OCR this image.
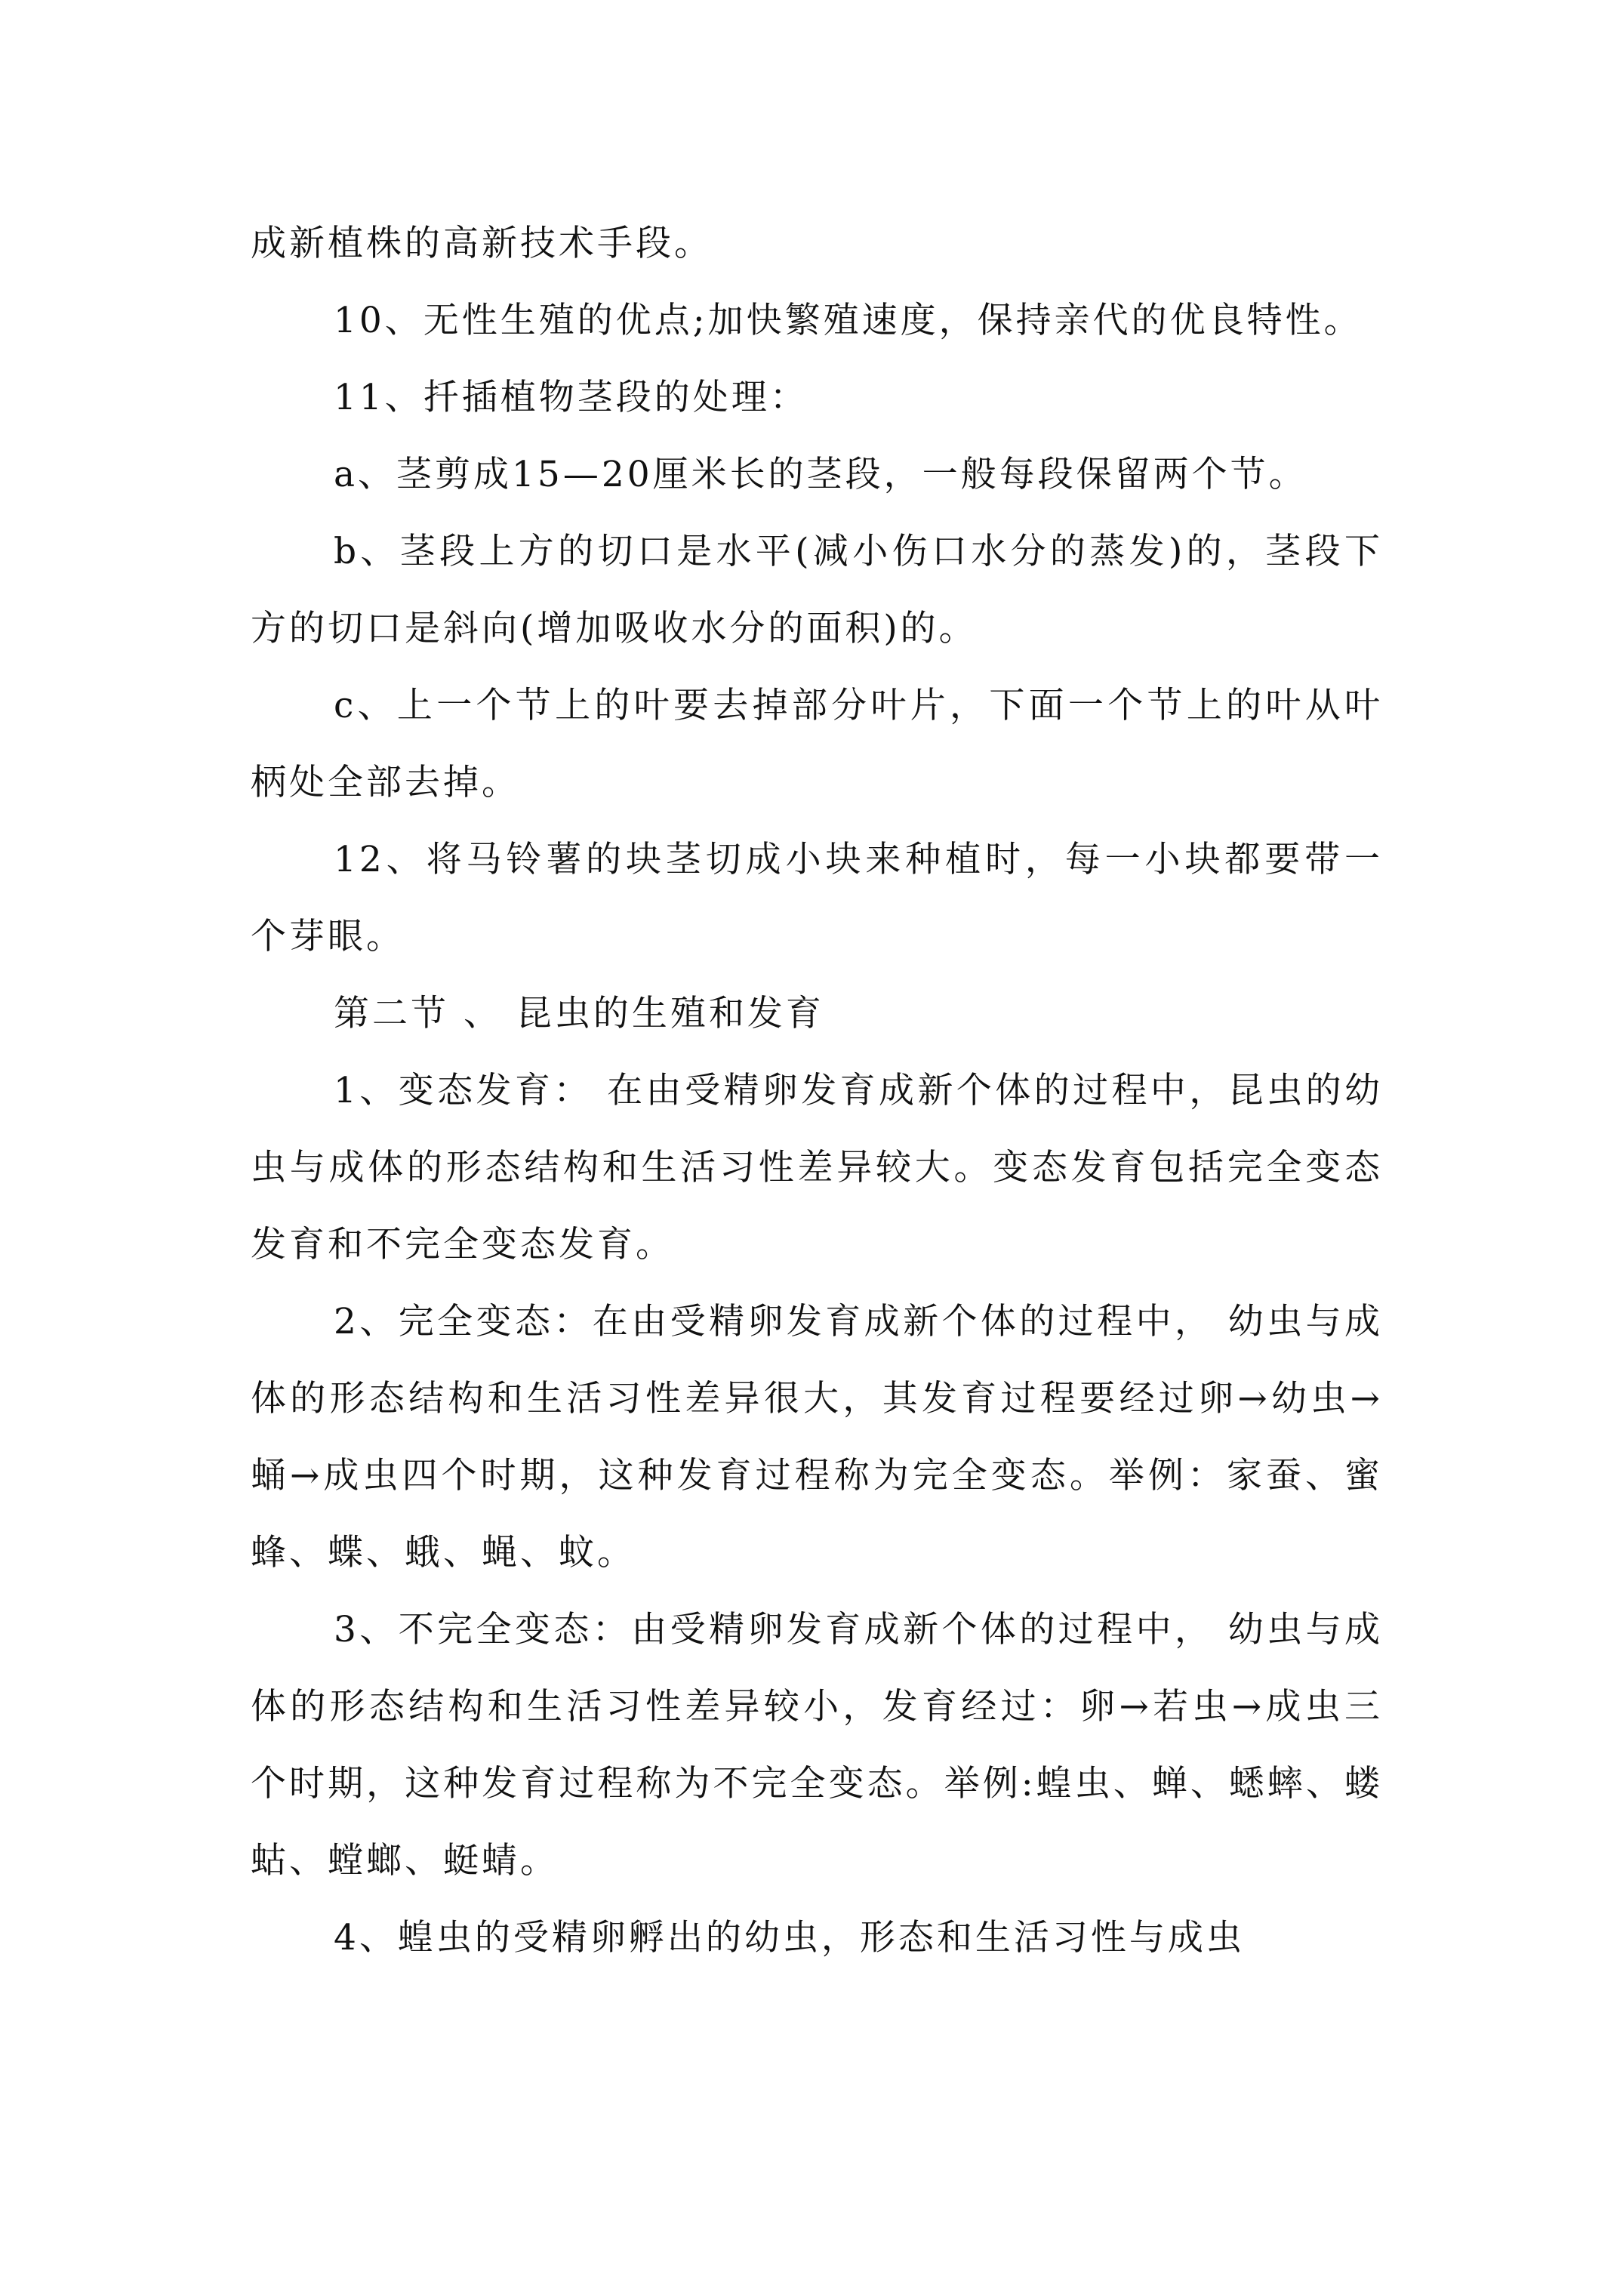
成新植株的高新技术手段。

10、无性生殖的优点;加快繁殖速度，保持亲代的优良特性。

11、扦插植物茎段的处理：

a、茎剪成15—20厘米长的茎段，一般每段保留两个节。

b、茎段上方的切口是水平(减小伤口水分的蒸发)的，茎段下方的切口是斜向(增加吸收水分的面积)的。

c、上一个节上的叶要去掉部分叶片，下面一个节上的叶从叶柄处全部去掉。

12、将马铃薯的块茎切成小块来种植时，每一小块都要带一个芽眼。

第二节 、 昆虫的生殖和发育

1、变态发育： 在由受精卵发育成新个体的过程中，昆虫的幼虫与成体的形态结构和生活习性差异较大。变态发育包括完全变态发育和不完全变态发育。

2、完全变态：在由受精卵发育成新个体的过程中， 幼虫与成体的形态结构和生活习性差异很大，其发育过程要经过卵→幼虫→蛹→成虫四个时期，这种发育过程称为完全变态。举例：家蚕、蜜蜂、蝶、蛾、蝇、蚊。

3、不完全变态：由受精卵发育成新个体的过程中， 幼虫与成体的形态结构和生活习性差异较小，发育经过：卵→若虫→成虫三个时期，这种发育过程称为不完全变态。举例:蝗虫、蝉、蟋蟀、蝼蛄、螳螂、蜓蜻。

4、蝗虫的受精卵孵出的幼虫，形态和生活习性与成虫
